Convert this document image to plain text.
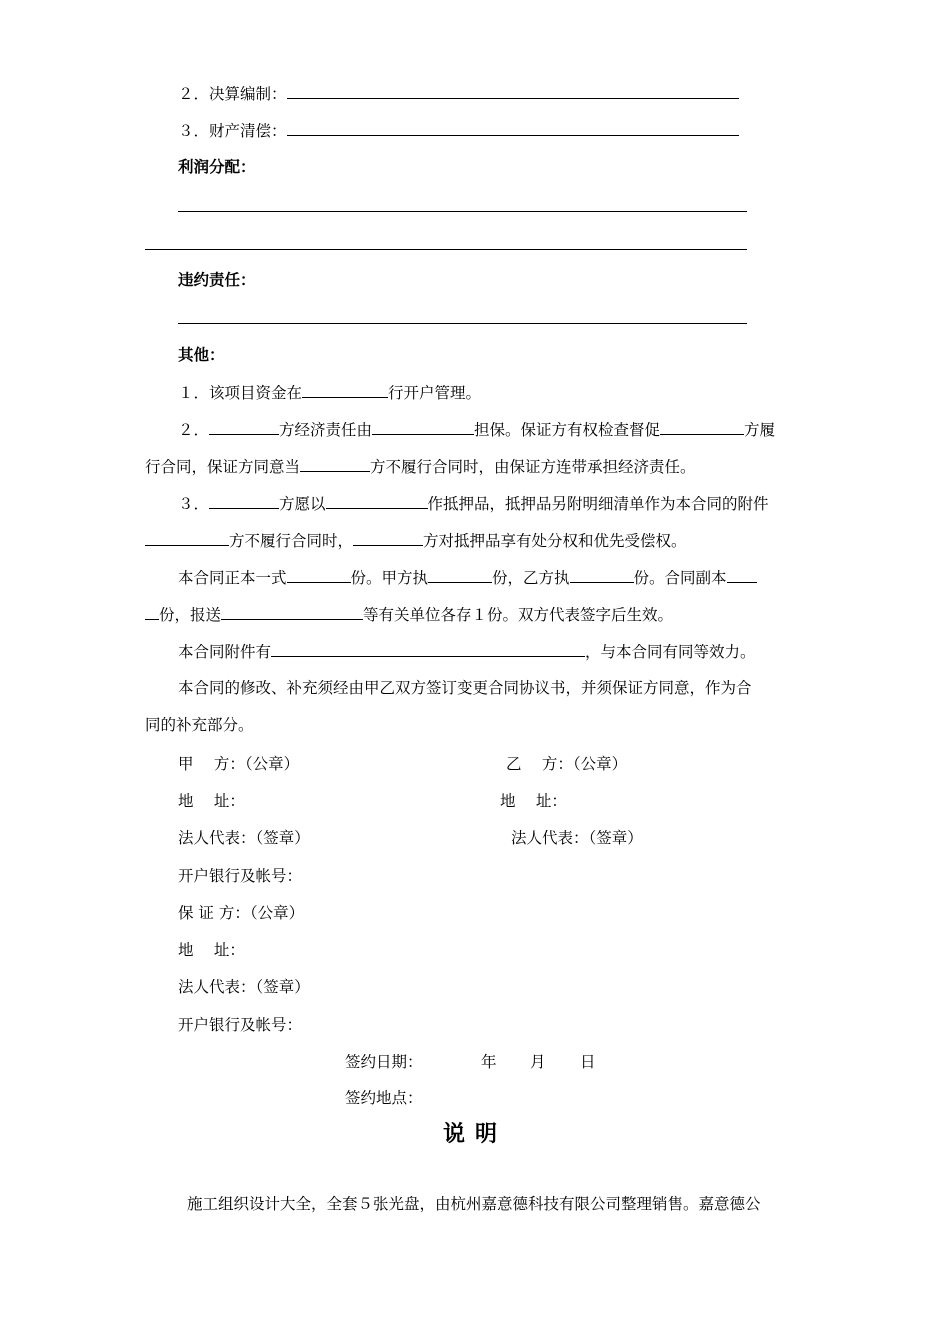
２．决算编制：
３．财产清偿：
利润分配：
违约责任：
其他：
１．该项目资金在	行开户管理。
２．	方经济责任由	担保。保证方有权检查督促	方履
行合同，保证方同意当	方不履行合同时，由保证方连带承担经济责任。
３．	方愿以	作抵押品，抵押品另附明细清单作为本合同的附件
方不履行合同时，	方对抵押品享有处分权和优先受偿权。
本合同正本一式	份。甲方执	份，乙方执	份。合同副本
份，报送	等有关单位各存１份。双方代表签字后生效。
本合同附件有	，与本合同有同等效力。
本合同的修改、补充须经由甲乙双方签订变更合同协议书，并须保证方同意，作为合
同的补充部分。
甲　 方：（公章）	乙　 方：（公章）
地　 址：	地　 址：
法人代表：（签章）	法人代表：（签章）
开户银行及帐号：
保 证 方：（公章）
地　 址：
法人代表：（签章）
开户银行及帐号：
签约日期：	年 月 日
签约地点：
说明
施工组织设计大全，全套５张光盘，由杭州嘉意德科技有限公司整理销售。嘉意德公
